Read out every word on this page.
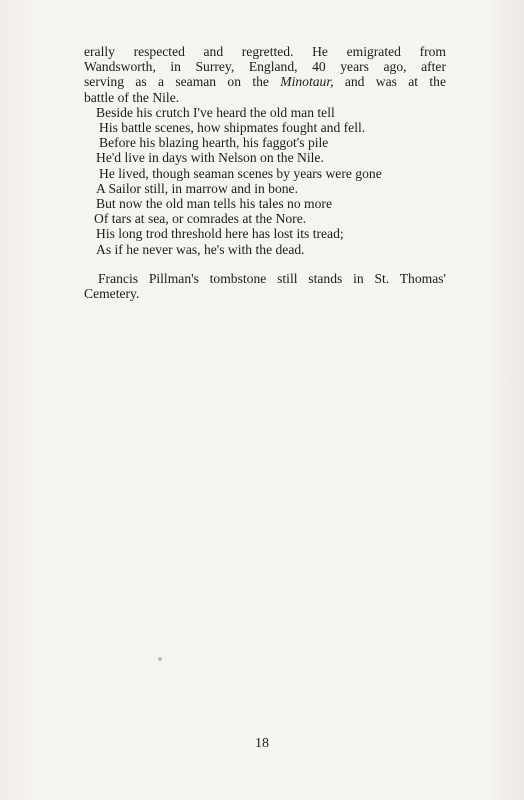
erally respected and regretted. He emigrated from
Wandsworth, in Surrey, England, 40 years ago, after
serving as a seaman on the Minotaur, and was at the
battle of the Nile.
Beside his crutch I've heard the old man tell
His battle scenes, how shipmates fought and fell.
Before his blazing hearth, his faggot's pile
He'd live in days with Nelson on the Nile.
He lived, though seaman scenes by years were gone
A Sailor still, in marrow and in bone.
But now the old man tells his tales no more
Of tars at sea, or comrades at the Nore.
His long trod threshold here has lost its tread;
As if he never was, he's with the dead.
Francis Pillman's tombstone still stands in St. Thomas'
Cemetery.
18
